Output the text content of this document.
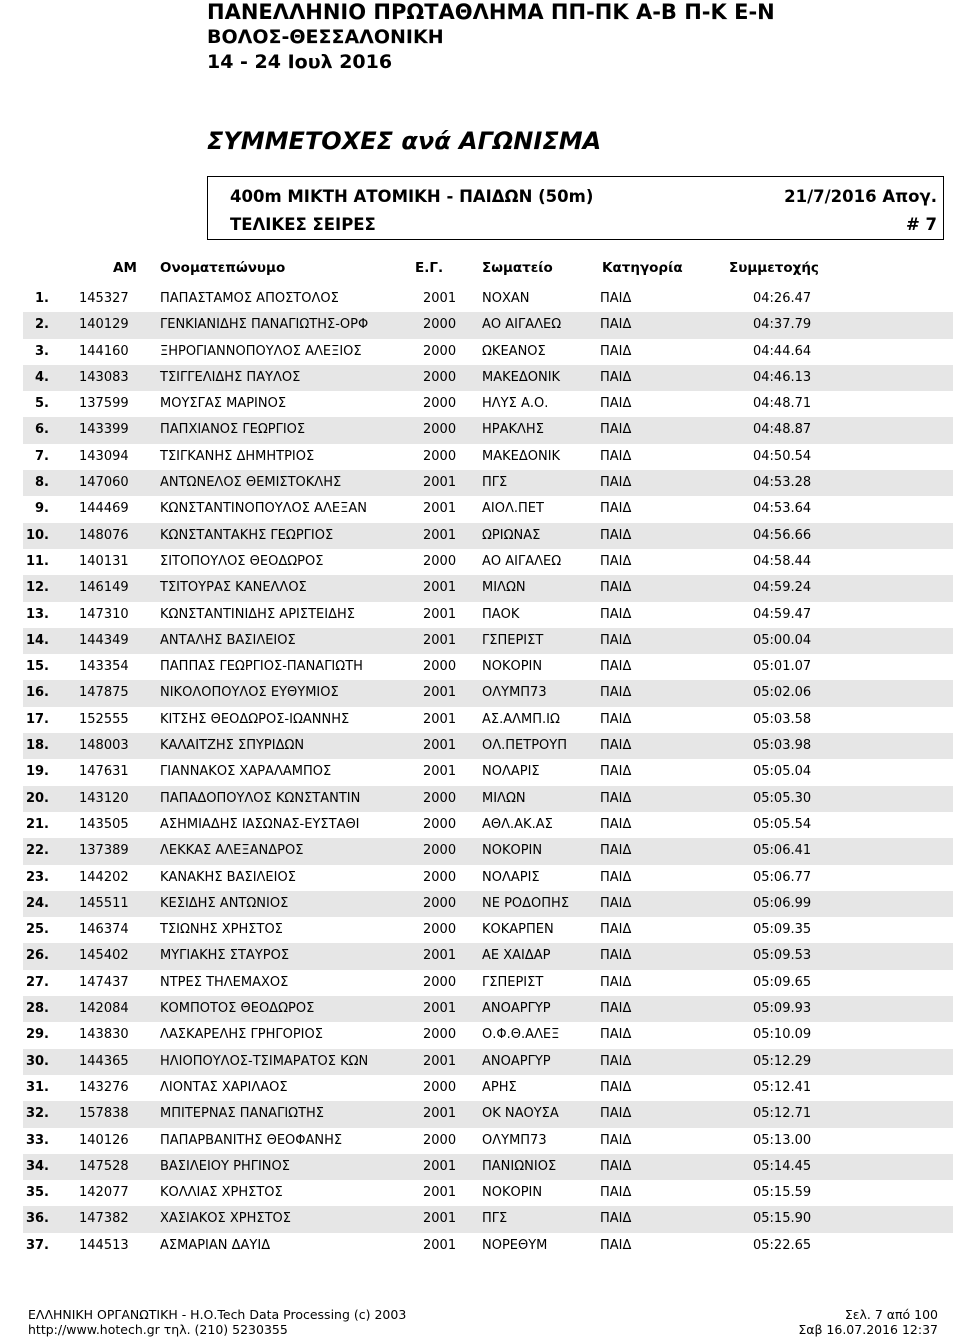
ΠΑΝΕΛΛΗΝΙΟ ΠΡΩΤΑΘΛΗΜΑ ΠΠ-ΠΚ Α-Β Π-Κ Ε-Ν
ΒΟΛΟΣ-ΘΕΣΣΑΛΟΝΙΚΗ
14 - 24 Ιουλ 2016
ΣΥΜΜΕΤΟΧΕΣ ανά ΑΓΩΝΙΣΜΑ
400m ΜΙΚΤΗ ΑΤΟΜΙΚΗ - ΠΑΙΔΩΝ (50m)	21/7/2016 Απογ.
ΤΕΛΙΚΕΣ ΣΕΙΡΕΣ	# 7
ΑΜ Ονοματεπώνυμο	Ε.Γ.	Σωματείο	Κατηγορία	Συμμετοχής
1. 145327 ΠΑΠΑΣΤΑΜΟΣ ΑΠΟΣΤΟΛΟΣ	2001 ΝΟΧΑΝ	ΠΑΙΔ	04:26.47
2. 140129 ΓΕΝΚΙΑΝΙΔΗΣ ΠΑΝΑΓΙΩΤΗΣ-ΟΡΦ	2000 ΑΟ ΑΙΓΑΛΕΩ	ΠΑΙΔ	04:37.79
3. 144160 ΞΗΡΟΓΙΑΝΝΟΠΟΥΛΟΣ ΑΛΕΞΙΟΣ	2000 ΩΚΕΑΝΟΣ	ΠΑΙΔ	04:44.64
4. 143083 ΤΣΙΓΓΕΛΙΔΗΣ ΠΑΥΛΟΣ	2000 ΜΑΚΕΔΟΝΙΚ	ΠΑΙΔ	04:46.13
5. 137599 ΜΟΥΣΓΑΣ ΜΑΡΙΝΟΣ	2000 ΗΛΥΣ Α.Ο.	ΠΑΙΔ	04:48.71
6. 143399 ΠΑΠΧΙΑΝΟΣ ΓΕΩΡΓΙΟΣ	2000 ΗΡΑΚΛΗΣ	ΠΑΙΔ	04:48.87
7. 143094 ΤΣΙΓΚΑΝΗΣ ΔΗΜΗΤΡΙΟΣ	2000 ΜΑΚΕΔΟΝΙΚ	ΠΑΙΔ	04:50.54
8. 147060 ΑΝΤΩΝΕΛΟΣ ΘΕΜΙΣΤΟΚΛΗΣ	2001 ΠΓΣ	ΠΑΙΔ	04:53.28
9. 144469 ΚΩΝΣΤΑΝΤΙΝΟΠΟΥΛΟΣ ΑΛΕΞΑΝ	2001 ΑΙΟΛ.ΠΕΤ	ΠΑΙΔ	04:53.64
10. 148076 ΚΩΝΣΤΑΝΤΑΚΗΣ ΓΕΩΡΓΙΟΣ	2001 ΩΡΙΩΝΑΣ	ΠΑΙΔ	04:56.66
11. 140131 ΣΙΤΟΠΟΥΛΟΣ ΘΕΟΔΩΡΟΣ	2000 ΑΟ ΑΙΓΑΛΕΩ	ΠΑΙΔ	04:58.44
12. 146149 ΤΣΙΤΟΥΡΑΣ ΚΑΝΕΛΛΟΣ	2001 ΜΙΛΩΝ	ΠΑΙΔ	04:59.24
13. 147310 ΚΩΝΣΤΑΝΤΙΝΙΔΗΣ ΑΡΙΣΤΕΙΔΗΣ	2001 ΠΑΟΚ	ΠΑΙΔ	04:59.47
14. 144349 ΑΝΤΑΛΗΣ ΒΑΣΙΛΕΙΟΣ	2001 ΓΣΠΕΡΙΣΤ	ΠΑΙΔ	05:00.04
15. 143354 ΠΑΠΠΑΣ ΓΕΩΡΓΙΟΣ-ΠΑΝΑΓΙΩΤΗ	2000 ΝΟΚΟΡΙΝ	ΠΑΙΔ	05:01.07
16. 147875 ΝΙΚΟΛΟΠΟΥΛΟΣ ΕΥΘΥΜΙΟΣ	2001 ΟΛΥΜΠ73	ΠΑΙΔ	05:02.06
17. 152555 ΚΙΤΣΗΣ ΘΕΟΔΩΡΟΣ-ΙΩΑΝΝΗΣ	2001 ΑΣ.ΑΛΜΠ.ΙΩ	ΠΑΙΔ	05:03.58
18. 148003 ΚΑΛΑΙΤΖΗΣ ΣΠΥΡΙΔΩΝ	2001 ΟΛ.ΠΕΤΡΟΥΠ	ΠΑΙΔ	05:03.98
19. 147631 ΓΙΑΝΝΑΚΟΣ ΧΑΡΑΛΑΜΠΟΣ	2001 ΝΟΛΑΡΙΣ	ΠΑΙΔ	05:05.04
20. 143120 ΠΑΠΑΔΟΠΟΥΛΟΣ ΚΩΝΣΤΑΝΤΙΝ	2000 ΜΙΛΩΝ	ΠΑΙΔ	05:05.30
21. 143505 ΑΣΗΜΙΑΔΗΣ ΙΑΣΩΝΑΣ-ΕΥΣΤΑΘΙ	2000 ΑΘΛ.ΑΚ.ΑΣ	ΠΑΙΔ	05:05.54
22. 137389 ΛΕΚΚΑΣ ΑΛΕΞΑΝΔΡΟΣ	2000 ΝΟΚΟΡΙΝ	ΠΑΙΔ	05:06.41
23. 144202 ΚΑΝΑΚΗΣ ΒΑΣΙΛΕΙΟΣ	2000 ΝΟΛΑΡΙΣ	ΠΑΙΔ	05:06.77
24. 145511 ΚΕΣΙΔΗΣ ΑΝΤΩΝΙΟΣ	2000 ΝΕ ΡΟΔΟΠΗΣ ΠΑΙΔ	05:06.99
25. 146374 ΤΣΙΩΝΗΣ ΧΡΗΣΤΟΣ	2000 ΚΟΚΑΡΠΕΝ	ΠΑΙΔ	05:09.35
26. 145402 ΜΥΓΙΑΚΗΣ ΣΤΑΥΡΟΣ	2001 ΑΕ ΧΑΙΔΑΡ	ΠΑΙΔ	05:09.53
27. 147437 ΝΤΡΕΣ ΤΗΛΕΜΑΧΟΣ	2000 ΓΣΠΕΡΙΣΤ	ΠΑΙΔ	05:09.65
28. 142084 ΚΟΜΠΟΤΟΣ ΘΕΟΔΩΡΟΣ	2001 ΑΝΟΑΡΓΥΡ	ΠΑΙΔ	05:09.93
29. 143830 ΛΑΣΚΑΡΕΛΗΣ ΓΡΗΓΟΡΙΟΣ	2000 Ο.Φ.Θ.ΑΛΕΞ	ΠΑΙΔ	05:10.09
30. 144365 ΗΛΙΟΠΟΥΛΟΣ-ΤΣΙΜΑΡΑΤΟΣ ΚΩΝ	2001 ΑΝΟΑΡΓΥΡ	ΠΑΙΔ	05:12.29
31. 143276 ΛΙΟΝΤΑΣ ΧΑΡΙΛΑΟΣ	2000 ΑΡΗΣ	ΠΑΙΔ	05:12.41
32. 157838 ΜΠΙΤΕΡΝΑΣ ΠΑΝΑΓΙΩΤΗΣ	2001 ΟΚ ΝΑΟΥΣΑ	ΠΑΙΔ	05:12.71
33. 140126 ΠΑΠΑΡΒΑΝΙΤΗΣ ΘΕΟΦΑΝΗΣ	2000 ΟΛΥΜΠ73	ΠΑΙΔ	05:13.00
34. 147528 ΒΑΣΙΛΕΙΟΥ ΡΗΓΙΝΟΣ	2001 ΠΑΝΙΩΝΙΟΣ	ΠΑΙΔ	05:14.45
35. 142077 ΚΟΛΛΙΑΣ ΧΡΗΣΤΟΣ	2001 ΝΟΚΟΡΙΝ	ΠΑΙΔ	05:15.59
36. 147382 ΧΑΣΙΑΚΟΣ ΧΡΗΣΤΟΣ	2001 ΠΓΣ	ΠΑΙΔ	05:15.90
37. 144513 ΑΣΜΑΡΙΑΝ ΔΑΥΙΔ	2001 ΝΟΡΕΘΥΜ	ΠΑΙΔ	05:22.65
ΕΛΛΗΝΙΚΗ ΟΡΓΑΝΩΤΙΚΗ - Η.Ο.Tech Data Processing (c) 2003
http://www.hotech.gr τηλ. (210) 5230355
Σελ. 7 από 100
Σαβ 16.07.2016 12:37
